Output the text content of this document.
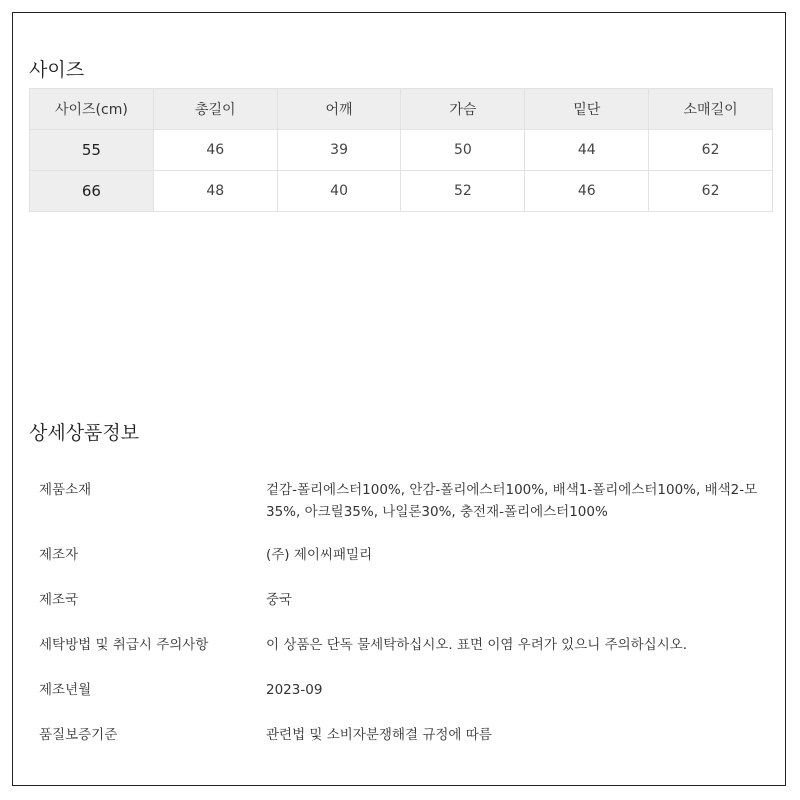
사이즈
사이즈(cm)	총길이	어깨	가슴	밑단	소매길이
55	46	39	50	44	62
66	48	40	52	46	62
상세상품정보
제품소재	겉감-폴리에스터100%, 안감-폴리에스터100%, 배색1-폴리에스터100%, 배색2-모35%, 아크릴35%, 나일론30%, 충전재-폴리에스터100%
제조자	(주) 제이씨패밀리
제조국	중국
세탁방법 및 취급시 주의사항	이 상품은 단독 물세탁하십시오. 표면 이염 우려가 있으니 주의하십시오.
제조년월	2023-09
품질보증기준	관련법 및 소비자분쟁해결 규정에 따름
